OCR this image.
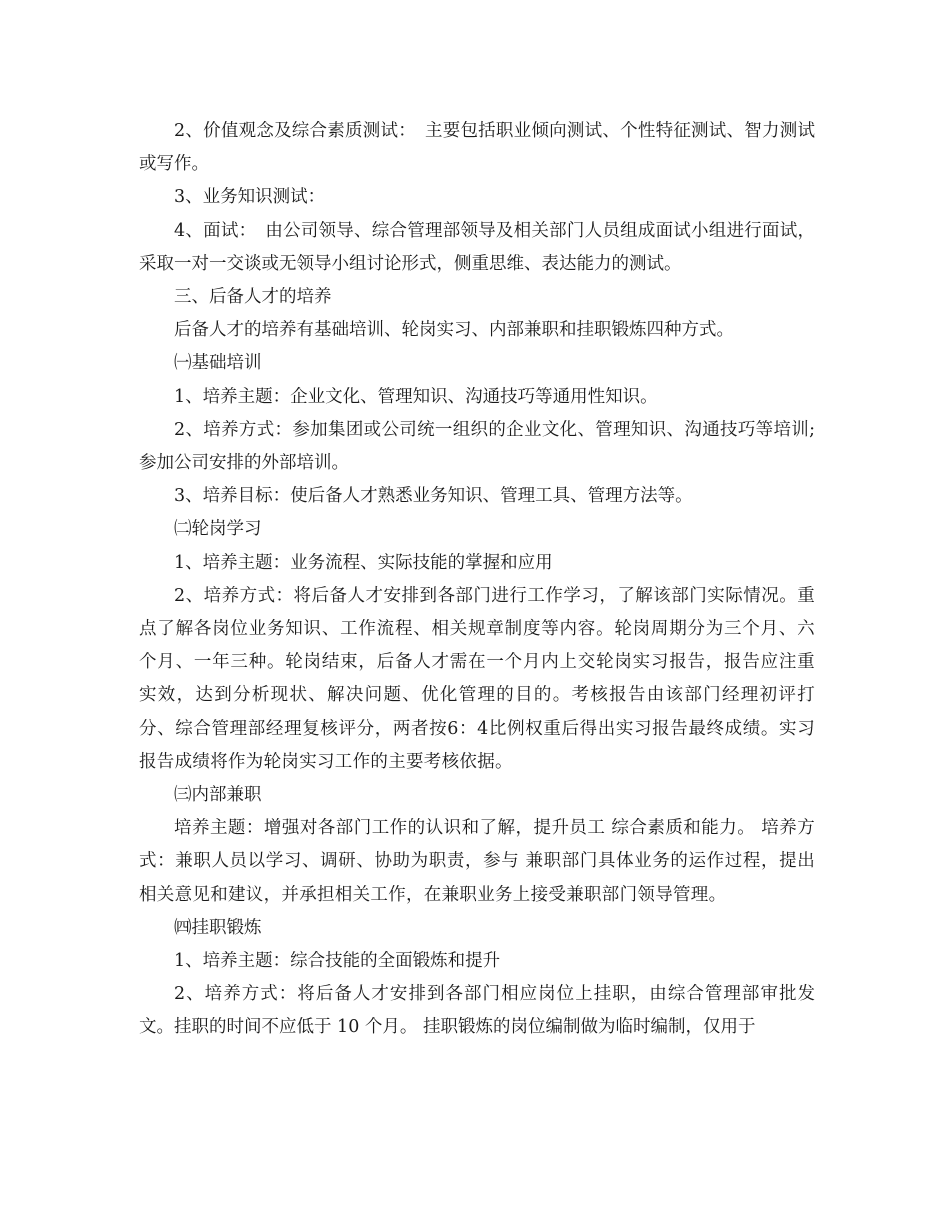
2、价值观念及综合素质测试：　主要包括职业倾向测试、个性特征测试、智力测试或写作。

3、业务知识测试：

4、面试：　由公司领导、综合管理部领导及相关部门人员组成面试小组进行面试，采取一对一交谈或无领导小组讨论形式，侧重思维、表达能力的测试。

三、后备人才的培养

后备人才的培养有基础培训、轮岗实习、内部兼职和挂职锻炼四种方式。

㈠基础培训

1、培养主题：企业文化、管理知识、沟通技巧等通用性知识。

2、培养方式：参加集团或公司统一组织的企业文化、管理知识、沟通技巧等培训;参加公司安排的外部培训。

3、培养目标：使后备人才熟悉业务知识、管理工具、管理方法等。

㈡轮岗学习

1、培养主题：业务流程、实际技能的掌握和应用

2、培养方式：将后备人才安排到各部门进行工作学习，了解该部门实际情况。重点了解各岗位业务知识、工作流程、相关规章制度等内容。轮岗周期分为三个月、六个月、一年三种。轮岗结束，后备人才需在一个月内上交轮岗实习报告，报告应注重实效，达到分析现状、解决问题、优化管理的目的。考核报告由该部门经理初评打分、综合管理部经理复核评分，两者按6：4比例权重后得出实习报告最终成绩。实习报告成绩将作为轮岗实习工作的主要考核依据。

㈢内部兼职

培养主题：增强对各部门工作的认识和了解，提升员工 综合素质和能力。 培养方式：兼职人员以学习、调研、协助为职责，参与 兼职部门具体业务的运作过程，提出相关意见和建议，并承担相关工作，在兼职业务上接受兼职部门领导管理。

㈣挂职锻炼

1、培养主题：综合技能的全面锻炼和提升

2、培养方式：将后备人才安排到各部门相应岗位上挂职，由综合管理部审批发文。挂职的时间不应低于 10 个月。 挂职锻炼的岗位编制做为临时编制，仅用于
